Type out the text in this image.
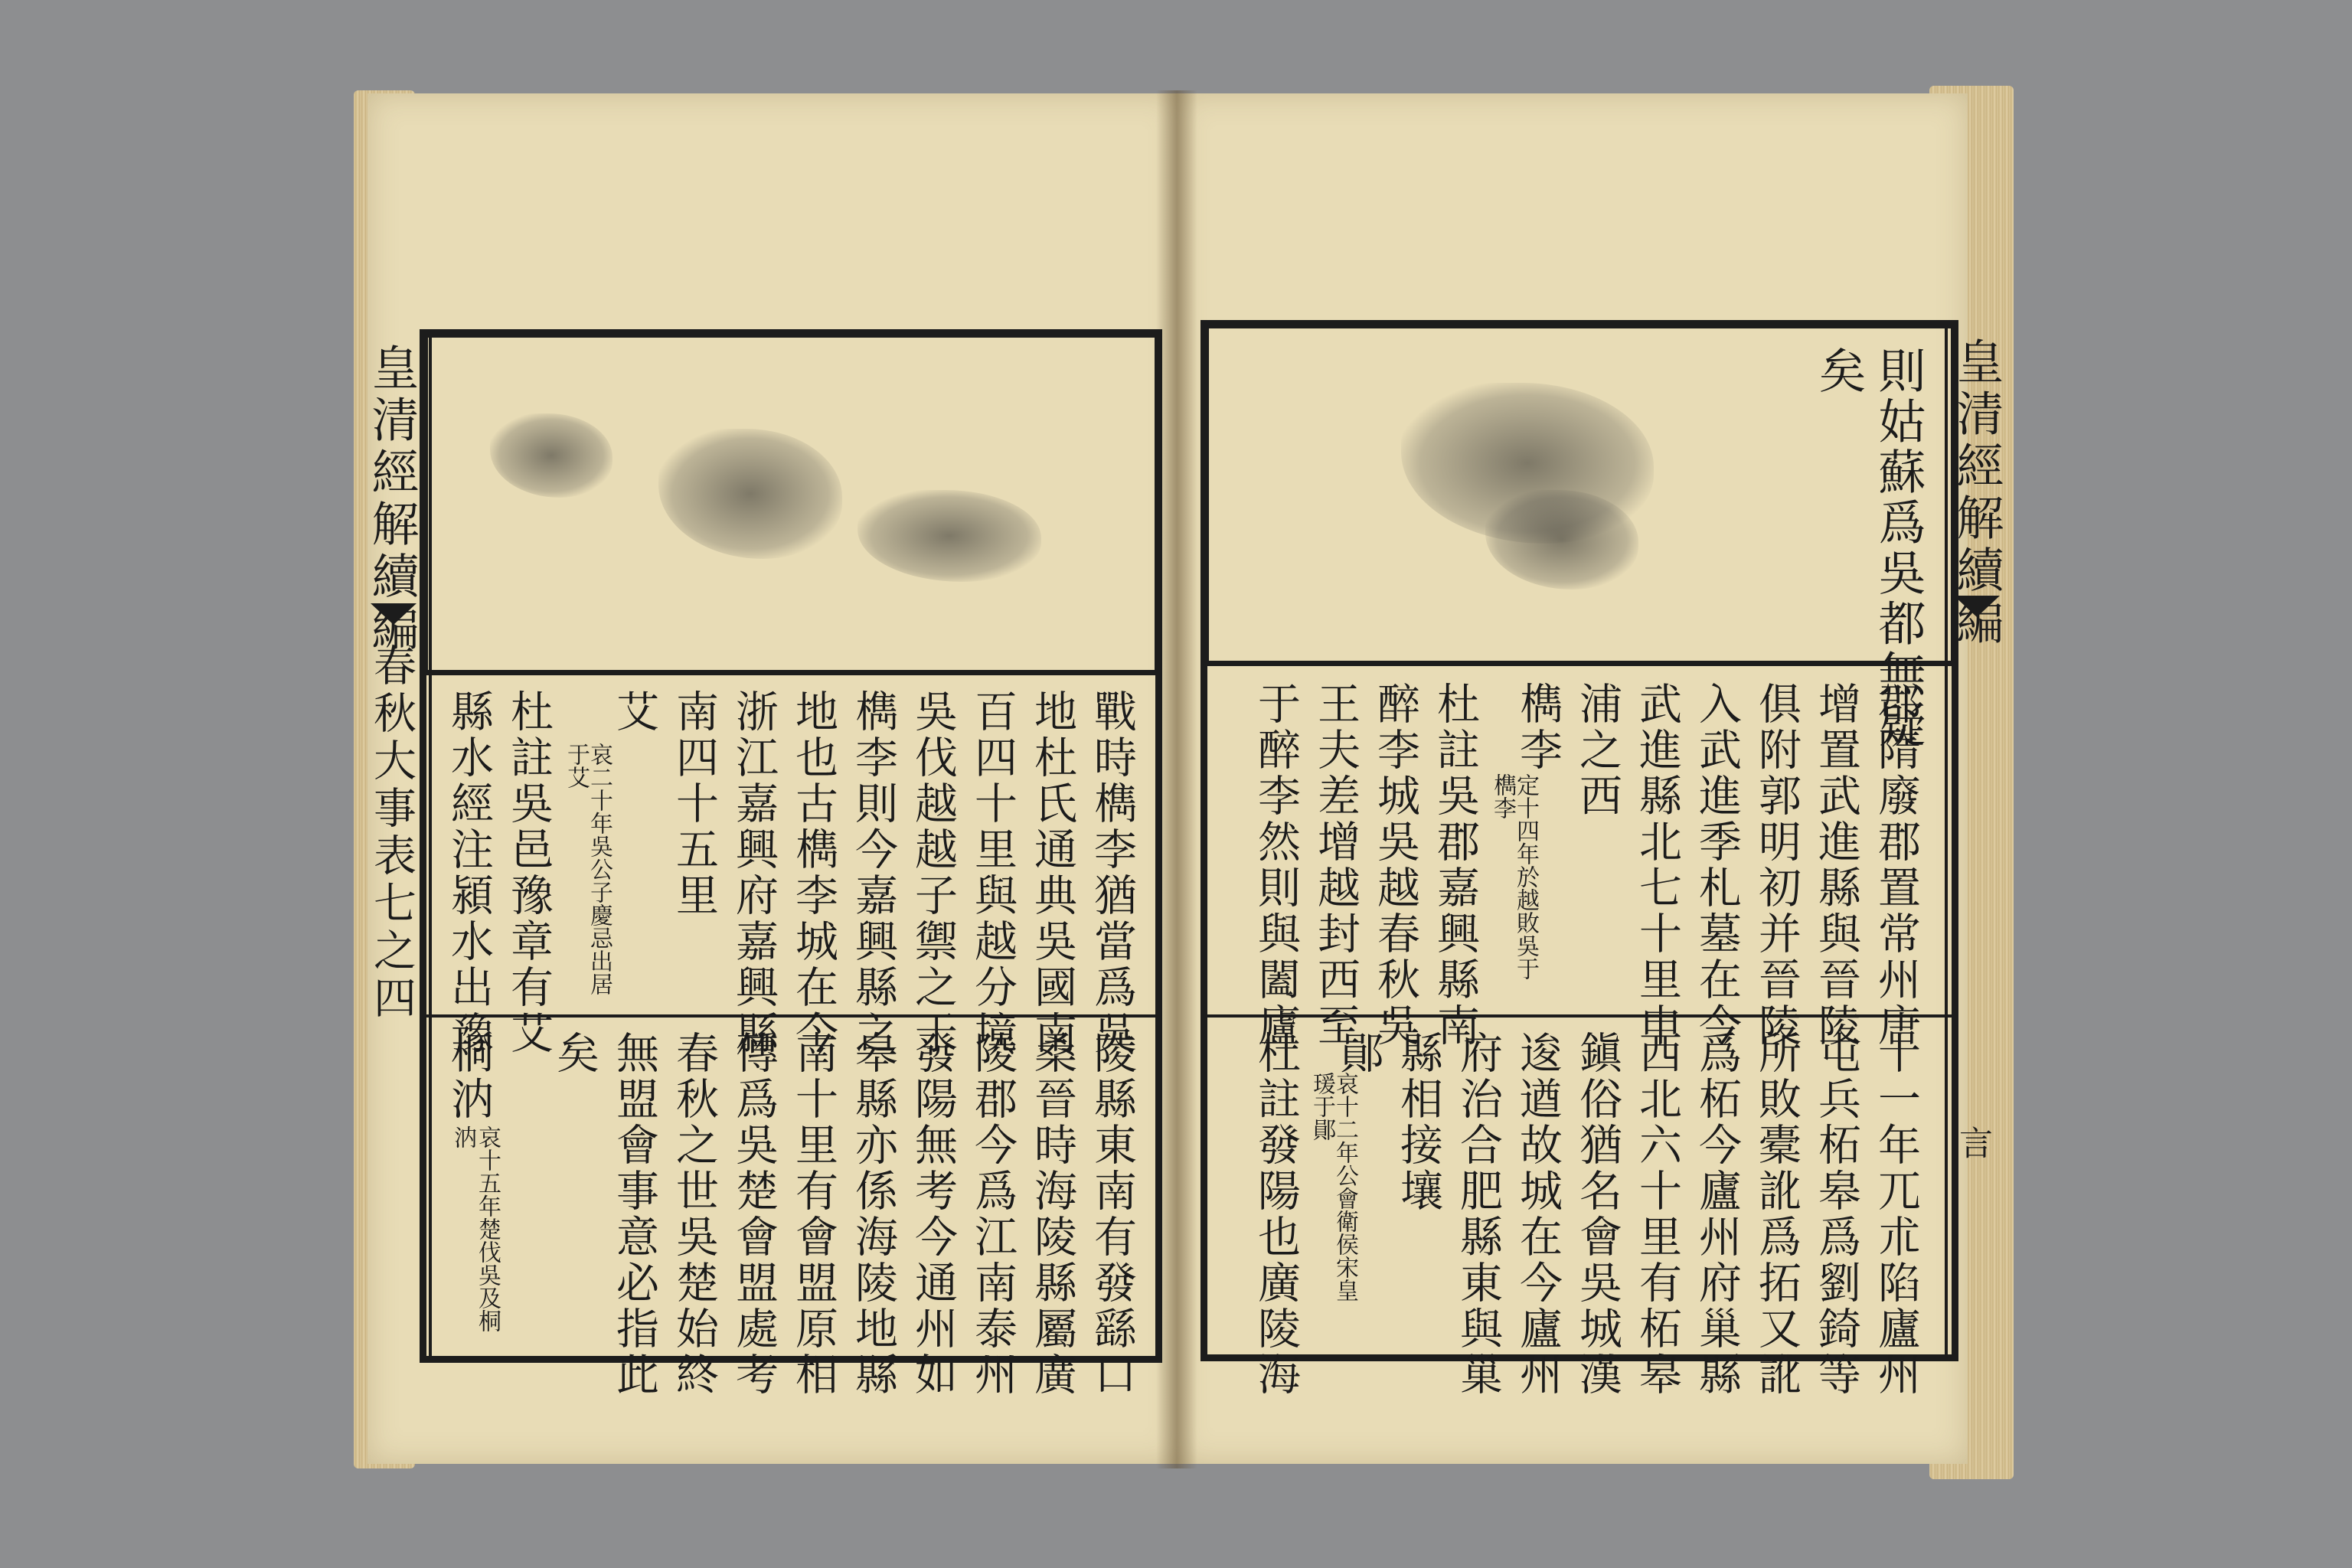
皇清經解續編
春秋大事表七之四	戰時檇李猶當爲吳
地杜氏通典吳國南
百四十里與越分境
吳伐越越子禦之于
檇李則今嘉興縣之
地也古檇李城在今
浙江嘉興府嘉興縣
南四十五里
艾
哀二十年吳公子慶忌出居
于艾
杜註吳邑豫章有艾
縣水經注潁水出豫
陵縣東南有發繇口
桑晉時海陵縣屬廣
陵郡今爲江南泰州
發陽無考今通州如
皋縣亦係海陵地縣
南十里有會盟原相
傳爲吳楚會盟處考
春秋之世吳楚始終
無盟會事意必指此
矣
桐汭
哀十五年楚伐吳及桐
汭
皇清經解續編
言
則姑蘇爲吳都無疑
矣
郡隋廢郡置常州唐
增置武進縣與晉陵
俱附郭明初并晉陵
入武進季札墓在今
武進縣北七十里申
浦之西
檇李
定十四年於越敗吳于
檇李
杜註吳郡嘉興縣南
醉李城吳越春秋吳
王夫差增越封西至
于醉李然則與闔廬
十一年兀朮陷廬州
屯兵柘皋爲劉錡等
所敗橐訛爲拓又訛
爲柘今廬州府巢縣
西北六十里有柘皋
鎭俗猶名會吳城漢
逡遒故城在今廬州
府治合肥縣東與巢
縣相接壤
鄖
哀十二年公會衛侯宋皇
瑗于鄖
杜註發陽也廣陵海
